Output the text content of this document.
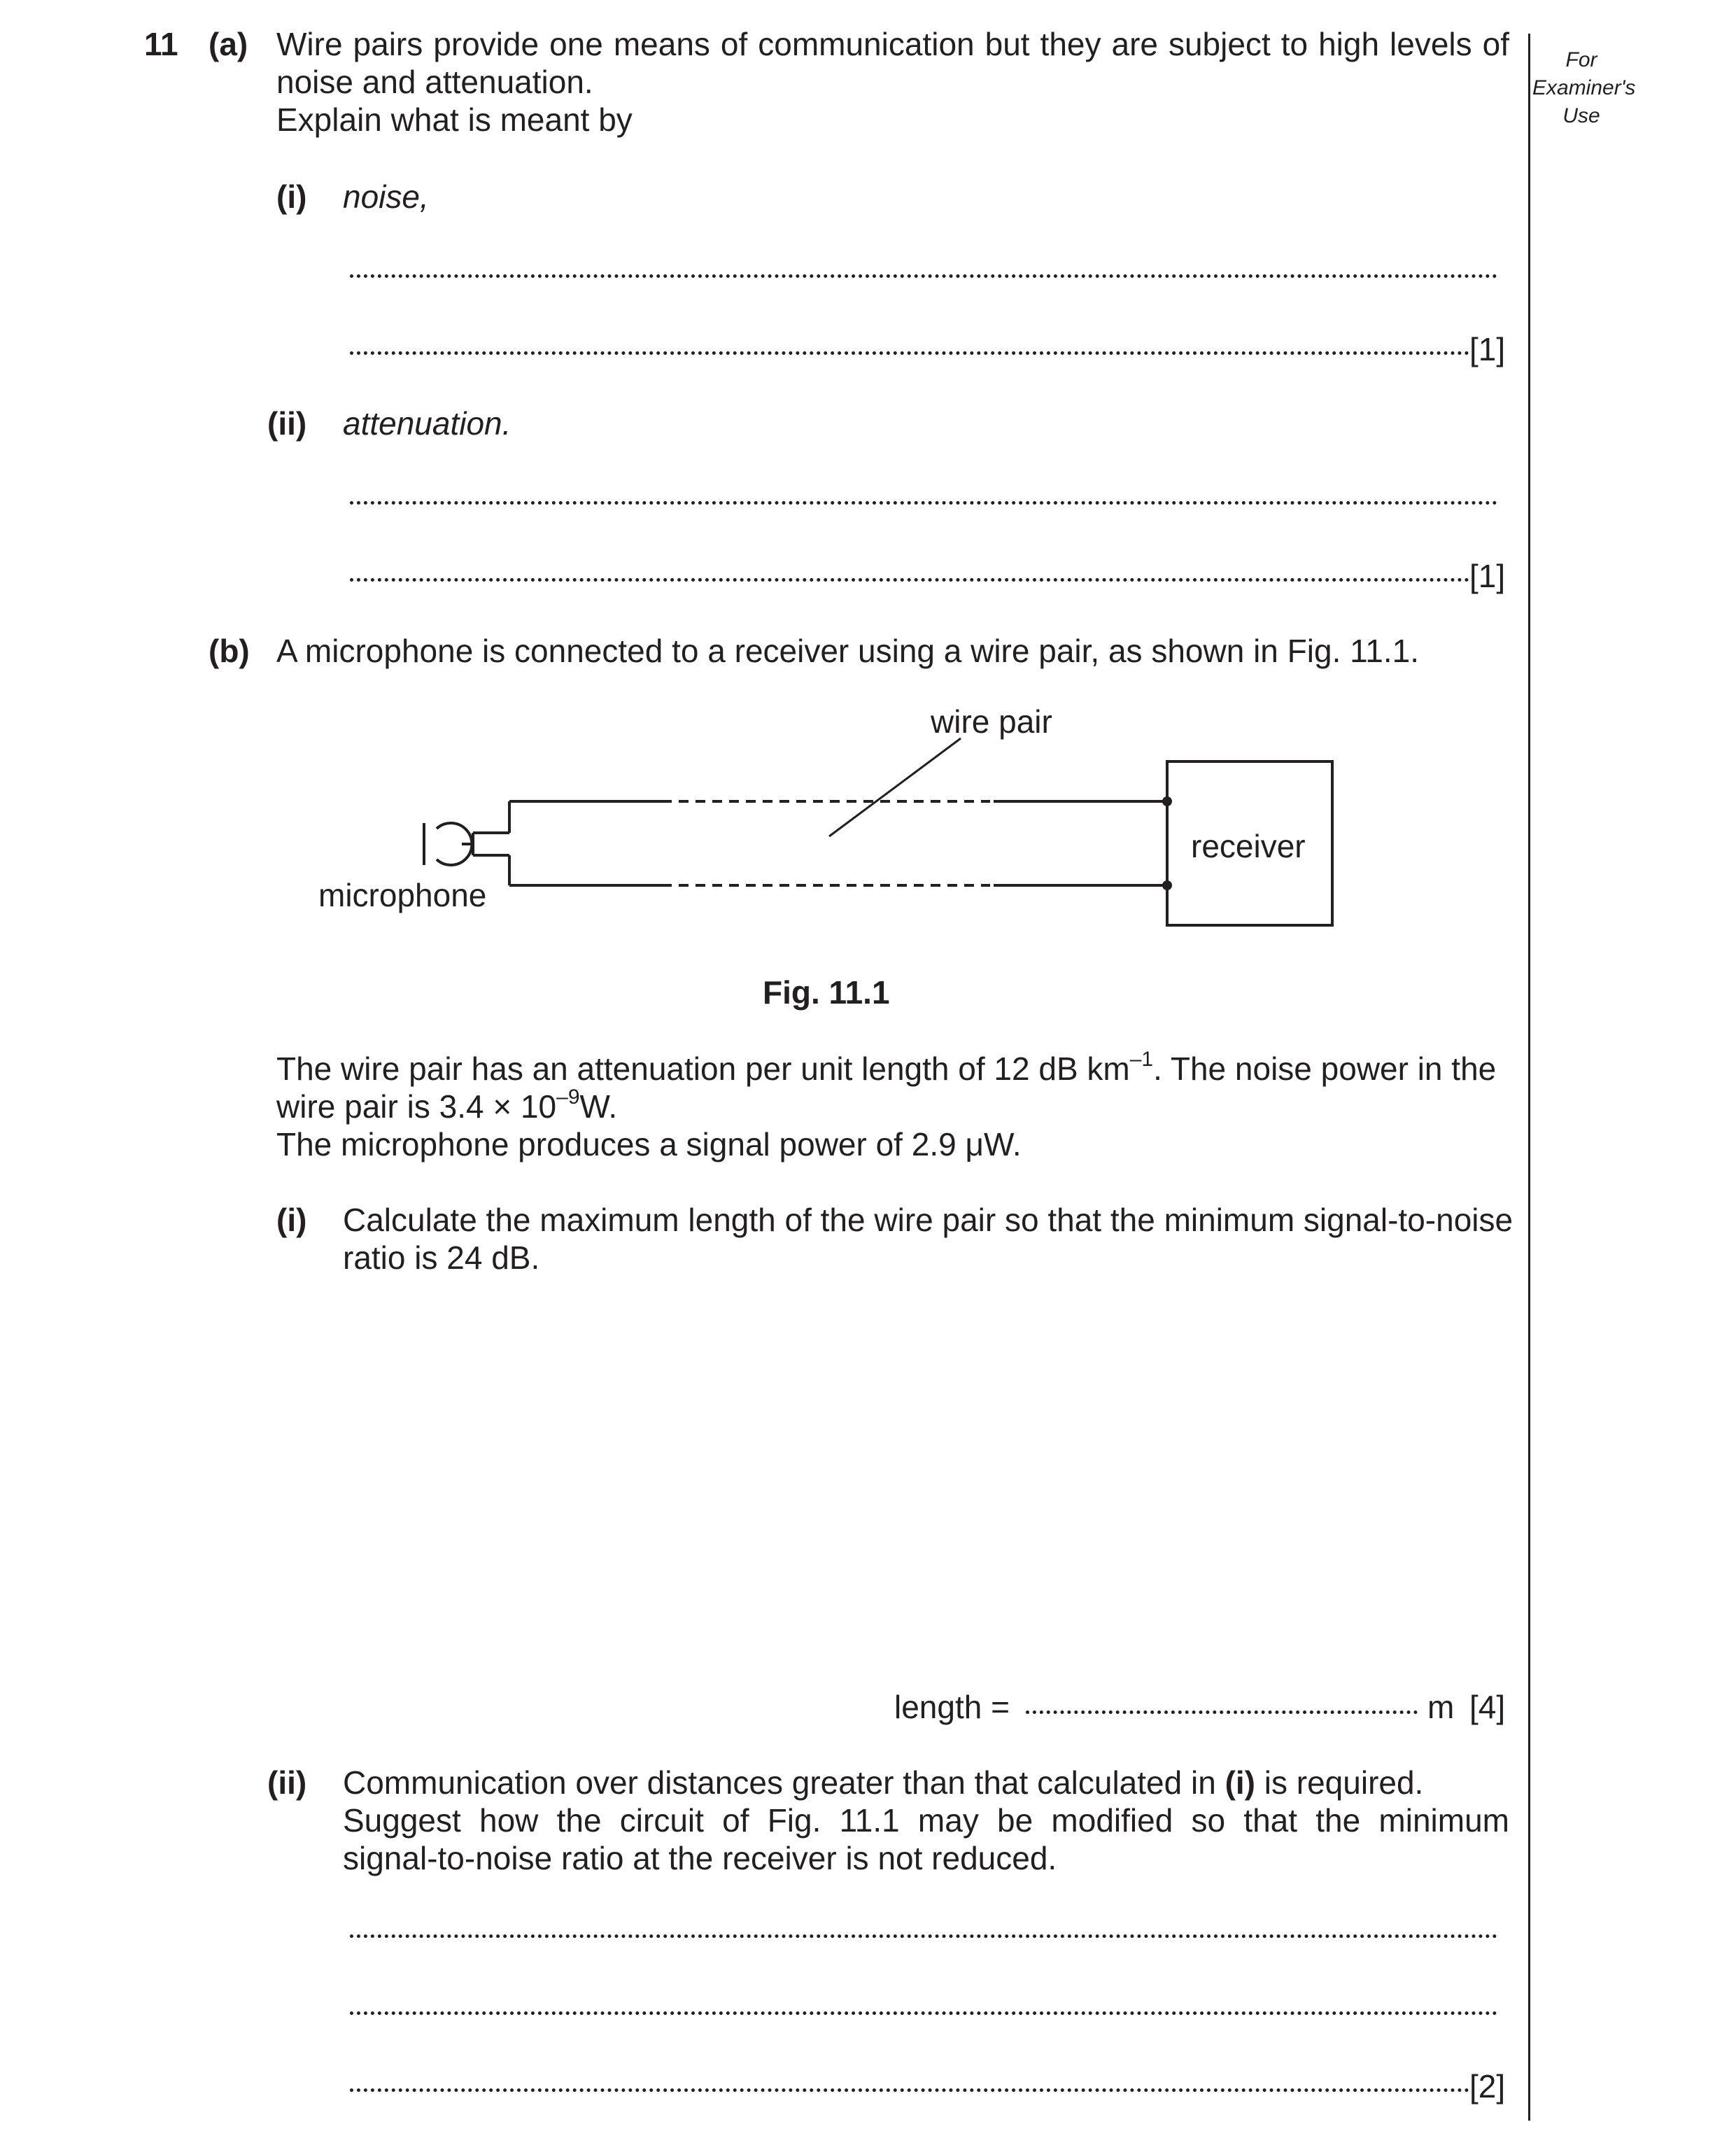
For
Examiner's
Use
11 (a) Wire pairs provide one means of communication but they are subject to high levels of
noise and attenuation.
Explain what is meant by
(i) noise,
[1]
(ii) attenuation.
[1]
(b) A microphone is connected to a receiver using a wire pair, as shown in Fig. 11.1.
wire pair
receiver
microphone
Fig. 11.1
The wire pair has an attenuation per unit length of 12 dB $km^{-1}$. The noise power in the
wire pair is $3.4 \times 10^{-9}W$.
The microphone produces a signal power of 2.9 μW.
(i) Calculate the maximum length of the wire pair so that the minimum signal-to-noise
ratio is 24 dB.
length =	m [4]
(ii) Communication over distances greater than that calculated in (i) is required.
Suggest how the circuit of Fig. 11.1 may be modified so that the minimum
signal-to-noise ratio at the receiver is not reduced.
[2]
